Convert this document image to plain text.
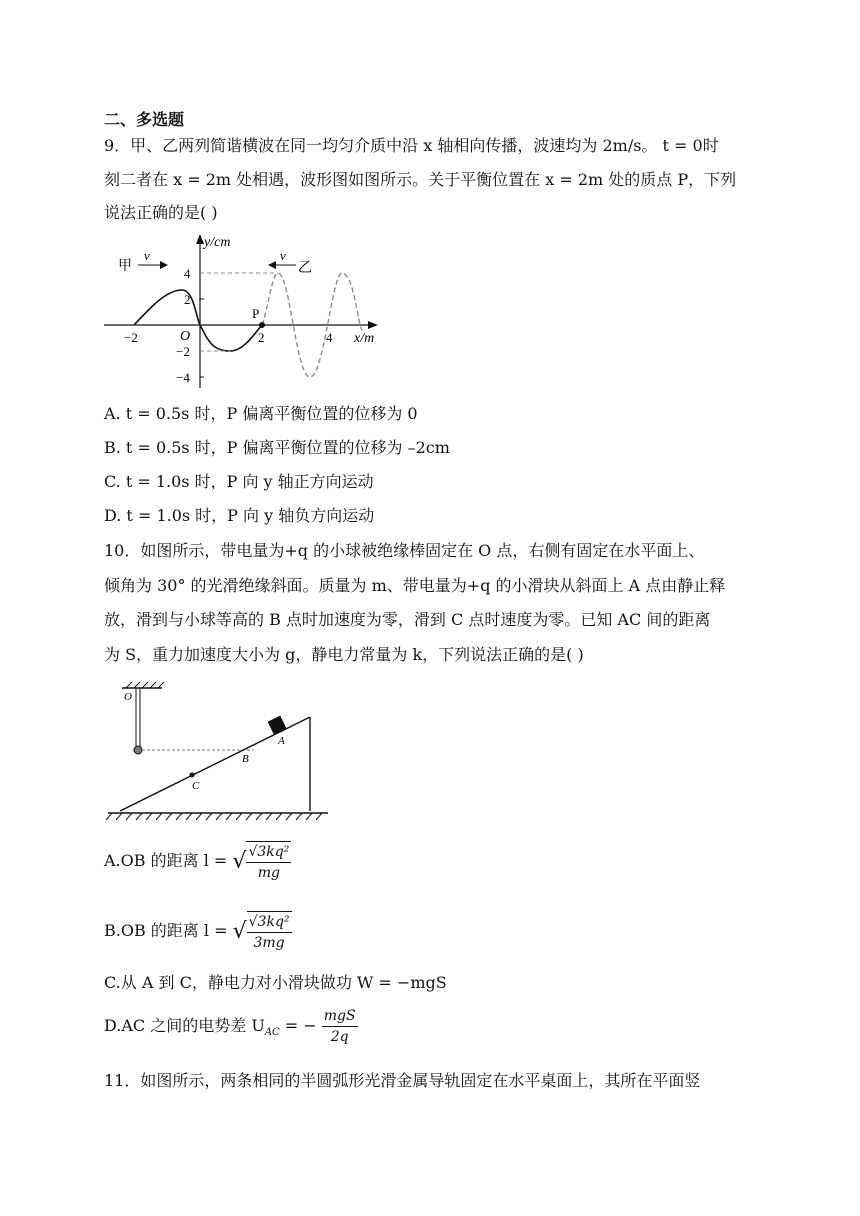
二、多选题
9．甲、乙两列简谐横波在同一均匀介质中沿 x 轴相向传播，波速均为 2m/s。 t = 0时
刻二者在 x = 2m 处相遇，波形图如图所示。关于平衡位置在 x = 2m 处的质点 P，下列
说法正确的是( )
y/cm
x/m
O
P
4
2
−2
−4
−2	2	4
甲
v
乙
v
A. t = 0.5s 时，P 偏离平衡位置的位移为 0
B. t = 0.5s 时，P 偏离平衡位置的位移为 –2cm
C. t = 1.0s 时，P 向 y 轴正方向运动
D. t = 1.0s 时，P 向 y 轴负方向运动
10．如图所示，带电量为+q 的小球被绝缘棒固定在 O 点，右侧有固定在水平面上、
倾角为 30° 的光滑绝缘斜面。质量为 m、带电量为+q 的小滑块从斜面上 A 点由静止释
放，滑到与小球等高的 B 点时加速度为零，滑到 C 点时速度为零。已知 AC 间的距离
为 S，重力加速度大小为 g，静电力常量为 k，下列说法正确的是( )
O
A
B
C
A.OB 的距离 l = √ $\frac{\text{√3kq²}}{mg}$
B.OB 的距离 l = √ $\frac{\text{√3kq²}}{3mg}$
C.从 A 到 C，静电力对小滑块做功 W = −mgS
D.AC 之间的电势差 $U_{AC}$ = − $\frac{\text{mgS}}{2q}$
11．如图所示，两条相同的半圆弧形光滑金属导轨固定在水平桌面上，其所在平面竖
